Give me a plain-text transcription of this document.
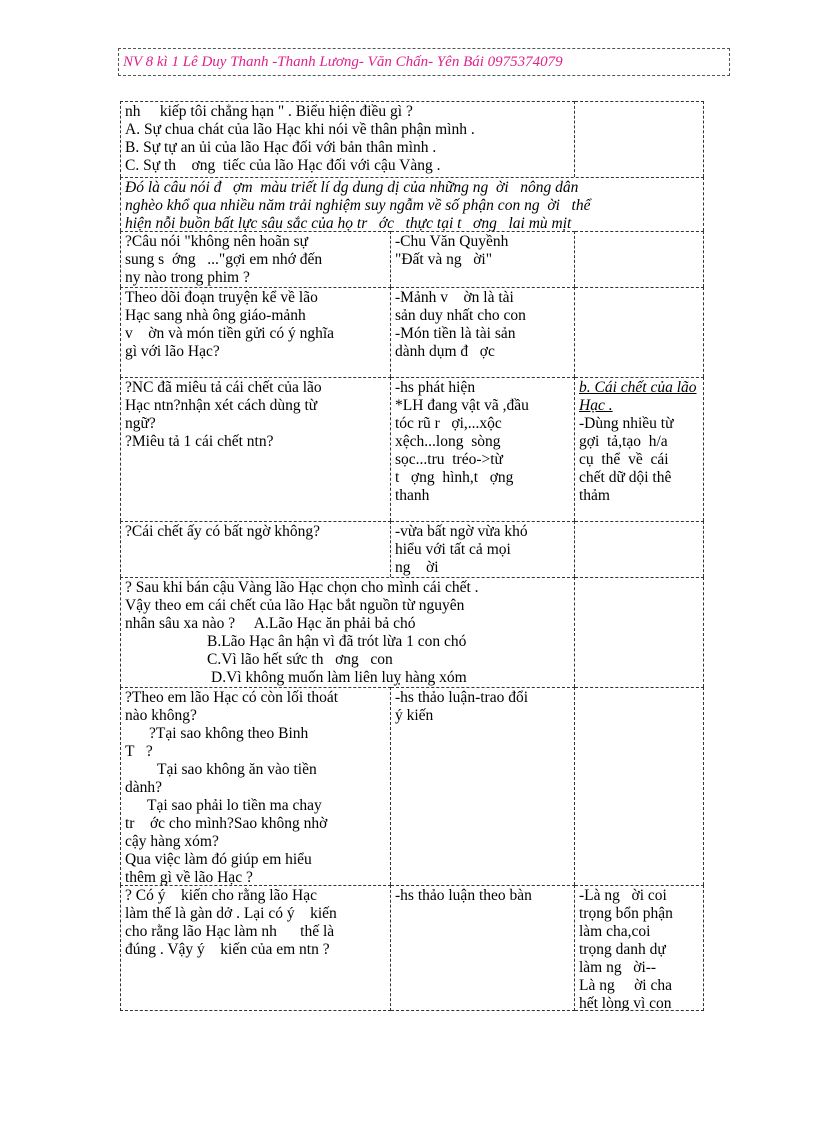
NV 8 kì 1 Lê Duy Thanh -Thanh Lương- Văn Chấn- Yên Bái 0975374079
nh     kiếp tôi chẳng hạn " . Biểu hiện điều gì ?
A. Sự chua chát của lão Hạc khi nói về thân phận mình .
B. Sự tự an ủi của lão Hạc đối với bản thân mình .
C. Sự th    ơng  tiếc của lão Hạc đối với cậu Vàng .
Đó là câu nói đ   ợm  màu triết lí dg dung dị của những ng  ời   nông dân
nghèo khổ qua nhiều năm trải nghiệm suy ngẫm về số phận con ng  ời   thể
hiện nỗi buồn bất lực sâu sắc của họ tr   ớc   thực tại t   ơng   lai mù mịt
?Câu nói "không nên hoãn sự
sung s  ớng   ..."gợi em nhớ đến
ny nào trong phim ?
-Chu Văn Quyềnh
"Đất và ng   ời"
Theo dõi đoạn truyện kể về lão
Hạc sang nhà ông giáo-mảnh
v    ờn và món tiền gửi có ý nghĩa
gì với lão Hạc?
-Mảnh v    ờn là tài
sản duy nhất cho con
-Món tiền là tài sản
dành dụm đ   ợc
?NC đã miêu tả cái chết của lão
Hạc ntn?nhận xét cách dùng từ
ngữ?
?Miêu tả 1 cái chết ntn?
-hs phát hiện
*LH đang vật vã ,đầu
tóc rũ r   ợi,...xộc
xệch...long  sòng
sọc...tru  tréo->từ
t   ợng  hình,t   ợng
thanh
b. Cái chết của lão Hạc .
-Dùng nhiều từ
gợi  tả,tạo  h/a
cụ  thể  về  cái
chết dữ dội thê
thảm
?Cái chết ấy có bất ngờ không?	-vừa bất ngờ vừa khó
hiểu với tất cả mọi
ng    ời
? Sau khi bán cậu Vàng lão Hạc chọn cho mình cái chết .
Vậy theo em cái chết của lão Hạc bắt nguồn từ nguyên
nhân sâu xa nào ?     A.Lão Hạc ăn phải bả chó
B.Lão Hạc ân hận vì đã trót lừa 1 con chó
C.Vì lão hết sức th   ơng   con
D.Vì không muốn làm liên luỵ hàng xóm
?Theo em lão Hạc có còn lối thoát
nào không?
?Tại sao không theo Binh
T   ?
Tại sao không ăn vào tiền
dành?
Tại sao phải lo tiền ma chay
tr    ớc cho mình?Sao không nhờ
cậy hàng xóm?
Qua việc làm đó giúp em hiểu
thêm gì về lão Hạc ?
-hs thảo luận-trao đổi
ý kiến
? Có ý    kiến cho rằng lão Hạc
làm thế là gàn dở . Lại có ý    kiến
cho rằng lão Hạc làm nh      thế là
đúng . Vậy ý    kiến của em ntn ?
-hs thảo luận theo bàn	-Là ng   ời coi
trọng bổn phận
làm cha,coi
trọng danh dự
làm ng   ời--
Là ng     ời cha
hết lòng vì con
